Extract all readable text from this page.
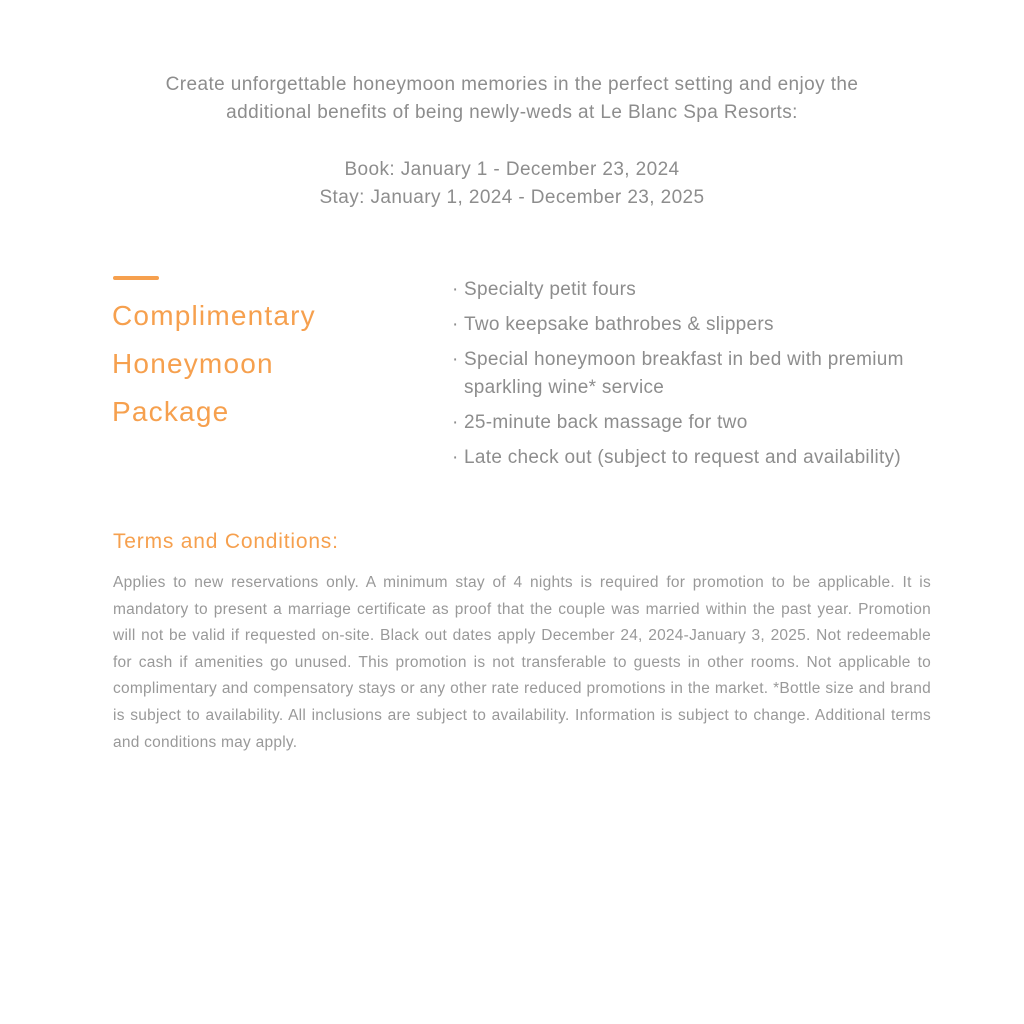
Create unforgettable honeymoon memories in the perfect setting and enjoy the
additional benefits of being newly-weds at Le Blanc Spa Resorts:
Book: January 1 - December 23, 2024
Stay: January 1, 2024 - December 23, 2025
Complimentary
Honeymoon
Package
· Specialty petit fours
· Two keepsake bathrobes & slippers
· Special honeymoon breakfast in bed with premium sparkling wine* service
· 25-minute back massage for two
· Late check out (subject to request and availability)
Terms and Conditions:
Applies to new reservations only. A minimum stay of 4 nights is required for promotion to be applicable. It is mandatory to present a marriage certificate as proof that the couple was married within the past year. Promotion will not be valid if requested on-site. Black out dates apply December 24, 2024-January 3, 2025. Not redeemable for cash if amenities go unused. This promotion is not transferable to guests in other rooms. Not applicable to complimentary and compensatory stays or any other rate reduced promotions in the market. *Bottle size and brand is subject to availability. All inclusions are subject to availability. Information is subject to change. Additional terms and conditions may apply.
